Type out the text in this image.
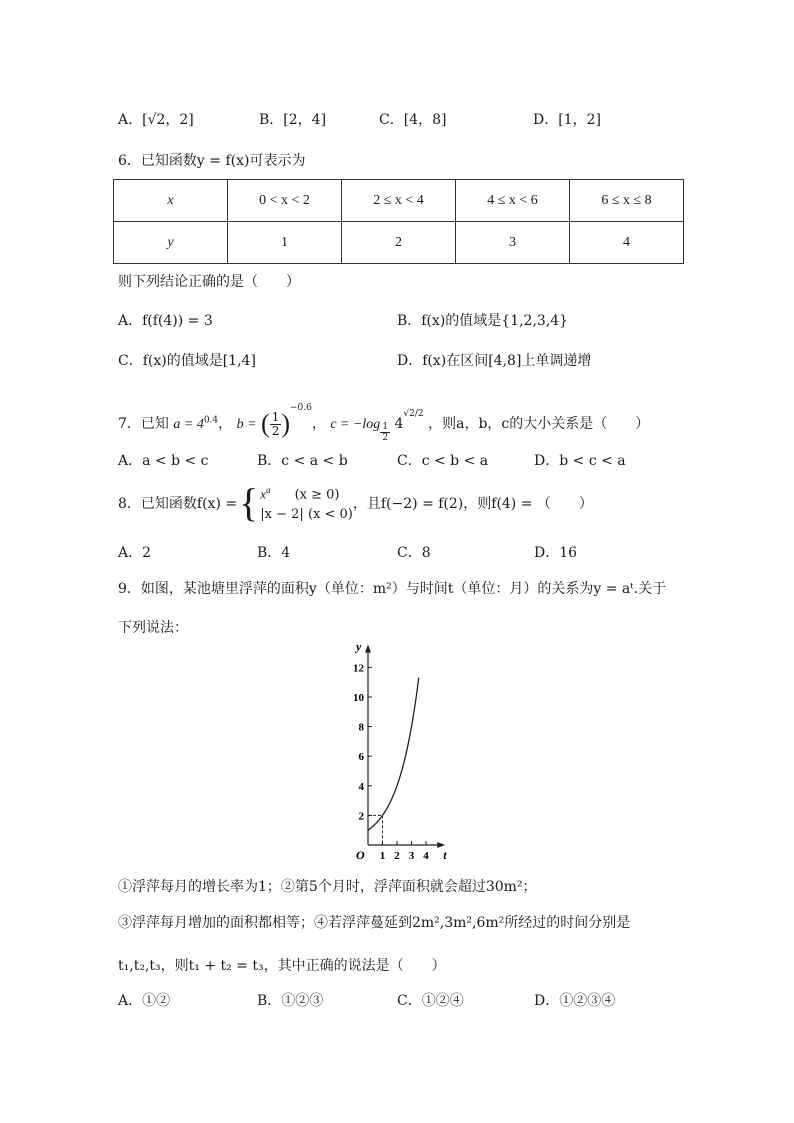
A．[√2，2]	B．[2，4]	C．[4，8]	D．[1，2]
6．已知函数y = f(x)可表示为
x	0 < x < 2	2 ≤ x < 4	4 ≤ x < 6	6 ≤ x ≤ 8
y	1	2	3	4
则下列结论正确的是（　　）
A．f(f(4)) = 3	B．f(x)的值域是{1,2,3,4}
C．f(x)的值域是[1,4]	D．f(x)在区间[4,8]上单调递增
7．已知 $a = 4^{0.4}$， b = ( $\frac{1}{2} )^{-0.6}$， $c = -\log \frac{1}{2} 4^{√2/2}$ ，则a，b，c的大小关系是（　　）
A．a < b < c	B．c < a < b	C．c < b < a	D．b < c < a
8．已知函数f(x) = { $x^a$ (x ≥ 0)
|x − 2| (x < 0)
，且f(−2) = f(2)，则f(4) = （　　）
A．2	B．4	C．8	D．16
9．如图，某池塘里浮萍的面积y（单位：m²）与时间t（单位：月）的关系为y = aᵗ.关于
下列说法：
y
t
O
2
4
6
8
10
12
1 2 3 4
①浮萍每月的增长率为1；②第5个月时，浮萍面积就会超过30m²；
③浮萍每月增加的面积都相等；④若浮萍蔓延到2m²,3m²,6m²所经过的时间分别是
t₁,t₂,t₃，则t₁ + t₂ = t₃，其中正确的说法是（　　）
A．①②	B．①②③	C．①②④	D．①②③④
